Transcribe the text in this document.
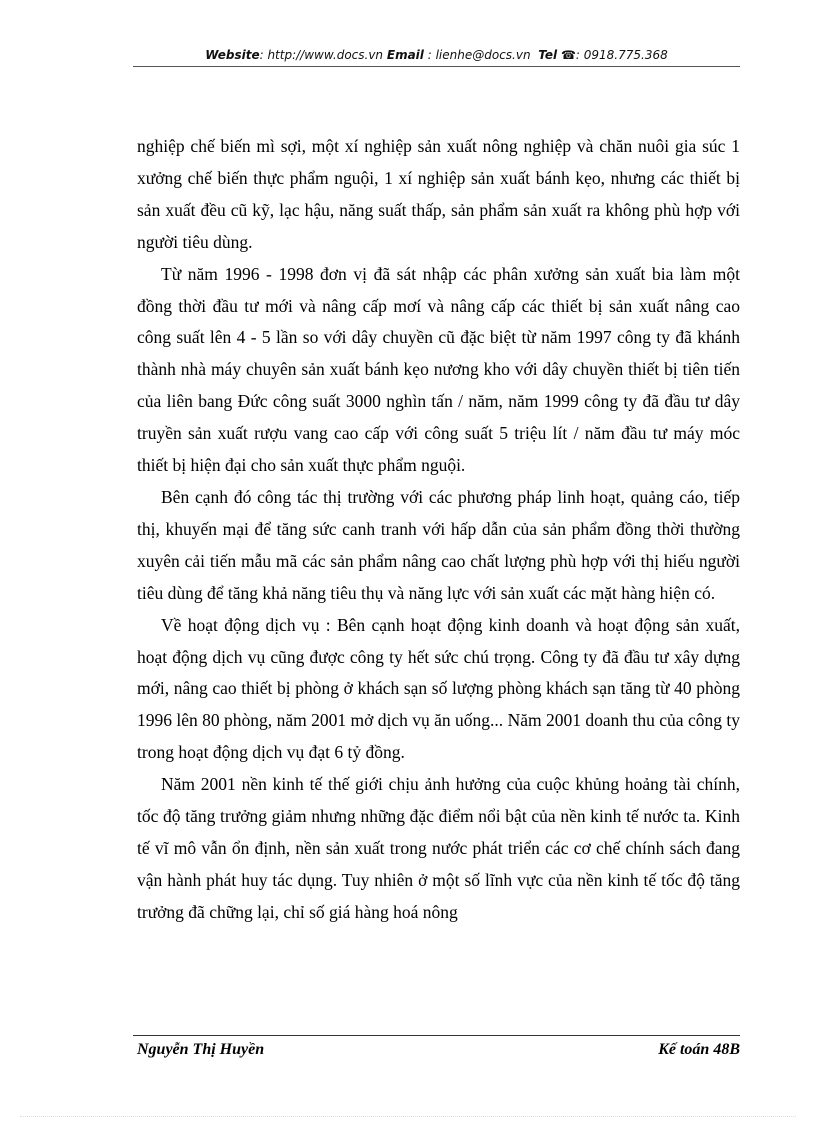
Website: http://www.docs.vn Email : lienhe@docs.vn Tel ☎: 0918.775.368

nghiệp chế biến mì sợi, một xí nghiệp sản xuất nông nghiệp và chăn nuôi gia súc 1 xưởng chế biến thực phẩm nguội, 1 xí nghiệp sản xuất bánh kẹo, nhưng các thiết bị sản xuất đều cũ kỹ, lạc hậu, năng suất thấp, sản phẩm sản xuất ra không phù hợp với người tiêu dùng.

Từ năm 1996 - 1998 đơn vị đã sát nhập các phân xưởng sản xuất bia làm một đồng thời đầu tư mới và nâng cấp mơí và nâng cấp các thiết bị sản xuất nâng cao công suất lên 4 - 5 lần so với dây chuyền cũ đặc biệt từ năm 1997 công ty đã khánh thành nhà máy chuyên sản xuất bánh kẹo nương kho với dây chuyền thiết bị tiên tiến của liên bang Đức công suất 3000 nghìn tấn / năm, năm 1999 công ty đã đầu tư dây truyền sản xuất rượu vang cao cấp với công suất 5 triệu lít / năm đầu tư máy móc thiết bị hiện đại cho sản xuất thực phẩm nguội.

Bên cạnh đó công tác thị trường với các phương pháp linh hoạt, quảng cáo, tiếp thị, khuyến mại để tăng sức canh tranh với hấp dẫn của sản phẩm đồng thời thường xuyên cải tiến mẫu mã các sản phẩm nâng cao chất lượng phù hợp với thị hiếu người tiêu dùng để tăng khả năng tiêu thụ và năng lực với sản xuất các mặt hàng hiện có.

Về hoạt động dịch vụ : Bên cạnh hoạt động kinh doanh và hoạt động sản xuất, hoạt động dịch vụ cũng được công ty hết sức chú trọng. Công ty đã đầu tư xây dựng mới, nâng cao thiết bị phòng ở khách sạn số lượng phòng khách sạn tăng từ 40 phòng 1996 lên 80 phòng, năm 2001 mở dịch vụ ăn uống... Năm 2001 doanh thu của công ty trong hoạt động dịch vụ đạt 6 tỷ đồng.

Năm 2001 nền kinh tế thế giới chịu ảnh hưởng của cuộc khủng hoảng tài chính, tốc độ tăng trưởng giảm nhưng những đặc điểm nổi bật của nền kinh tế nước ta. Kinh tế vĩ mô vẫn ổn định, nền sản xuất trong nước phát triển các cơ chế chính sách đang vận hành phát huy tác dụng. Tuy nhiên ở một số lĩnh vực của nền kinh tế tốc độ tăng trưởng đã chững lại, chỉ số giá hàng hoá nông

Nguyễn Thị Huyền	Kế toán 48B
